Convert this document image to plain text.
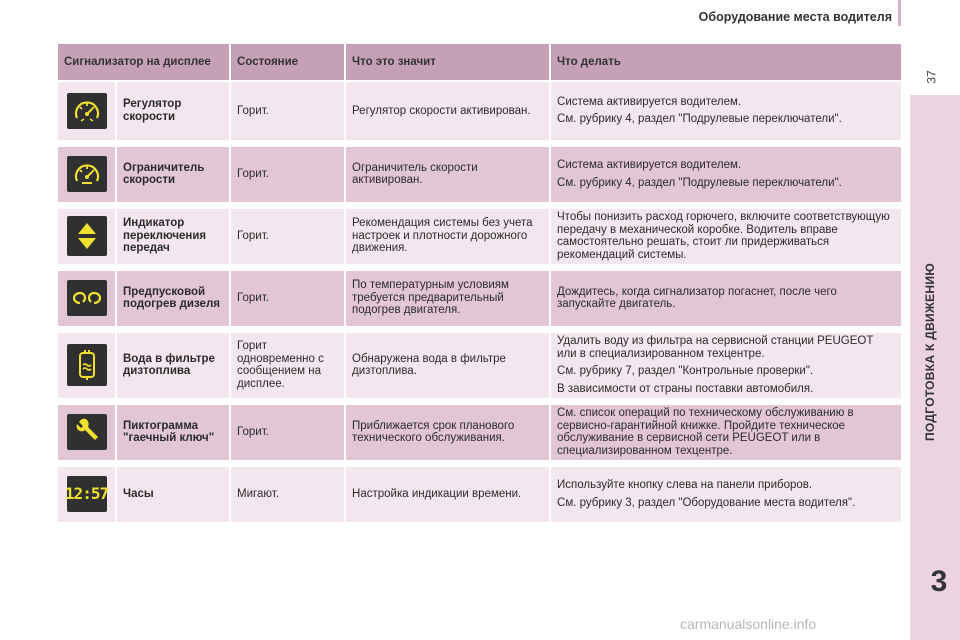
Оборудование места водителя
37
ПОДГОТОВКА К ДВИЖЕНИЮ
3
carmanualsonline.info
Сигнализатор на дисплее		Состояние	Что это значит	Что делать

	Регулятор скорости	Горит.	Регулятор скорости активирован.	Система активируется водителем.

См. рубрику 4, раздел "Подрулевые переключатели".

	Ограничитель скорости	Горит.	Ограничитель скорости активирован.	Система активируется водителем.

См. рубрику 4, раздел "Подрулевые переключатели".

	Индикатор переключения передач	Горит.	Рекомендация системы без учета настроек и плотности дорожного движения.	Чтобы понизить расход горючего, включите соответствующую передачу в механической коробке. Водитель вправе самостоятельно решать, стоит ли придерживаться рекомендаций системы.

	Предпусковой подогрев дизеля	Горит.	По температурным условиям требуется предварительный подогрев двигателя.	Дождитесь, когда сигнализатор погаснет, после чего запускайте двигатель.

	Вода в фильтре дизтоплива	Горит одновременно с сообщением на дисплее.	Обнаружена вода в фильтре дизтоплива.	Удалить воду из фильтра на сервисной станции PEUGEOT или в специализированном техцентре.

См. рубрику 7, раздел "Контрольные проверки".

В зависимости от страны поставки автомобиля.

	Пиктограмма "гаечный ключ"	Горит.	Приближается срок планового технического обслуживания.	См. список операций по техническому обслуживанию в сервисно-гарантийной книжке. Пройдите техническое обслуживание в сервисной сети PEUGEOT или в специализированном техцентре.

12:57	Часы	Мигают.	Настройка индикации времени.	Используйте кнопку слева на панели приборов.

См. рубрику 3, раздел "Оборудование места водителя".
